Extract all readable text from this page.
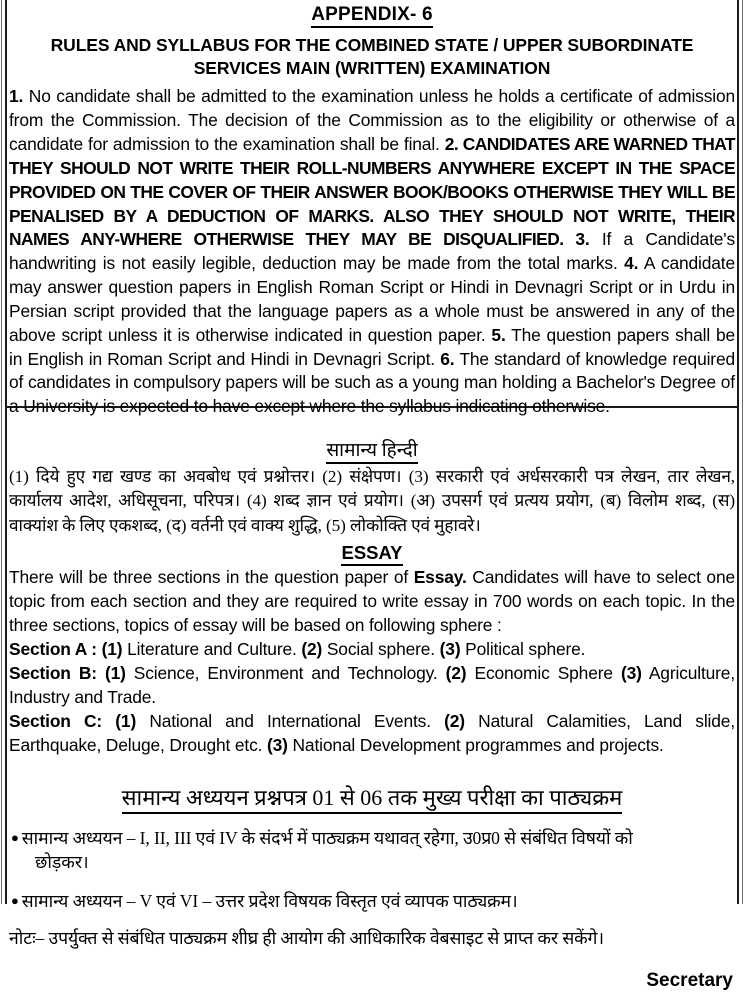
APPENDIX- 6
RULES AND SYLLABUS FOR THE COMBINED STATE / UPPER SUBORDINATE
SERVICES MAIN (WRITTEN) EXAMINATION
1. No candidate shall be admitted to the examination unless he holds a certificate of admission from the Commission. The decision of the Commission as to the eligibility or otherwise of a candidate for admission to the examination shall be final. 2. CANDIDATES ARE WARNED THAT THEY SHOULD NOT WRITE THEIR ROLL-NUMBERS ANYWHERE EXCEPT IN THE SPACE PROVIDED ON THE COVER OF THEIR ANSWER BOOK/BOOKS OTHERWISE THEY WILL BE PENALISED BY A DEDUCTION OF MARKS. ALSO THEY SHOULD NOT WRITE, THEIR NAMES ANY-WHERE OTHERWISE THEY MAY BE DISQUALIFIED. 3. If a Candidate's handwriting is not easily legible, deduction may be made from the total marks. 4. A candidate may answer question papers in English Roman Script or Hindi in Devnagri Script or in Urdu in Persian script provided that the language papers as a whole must be answered in any of the above script unless it is otherwise indicated in question paper. 5. The question papers shall be in English in Roman Script and Hindi in Devnagri Script. 6. The standard of knowledge required of candidates in compulsory papers will be such as a young man holding a Bachelor's Degree of a University is expected to have except where the syllabus indicating otherwise.
सामान्य हिन्दी
(1) दिये हुए गद्य खण्ड का अवबोध एवं प्रश्नोत्तर। (2) संक्षेपण। (3) सरकारी एवं अर्धसरकारी पत्र लेखन, तार लेखन, कार्यालय आदेश, अधिसूचना, परिपत्र। (4) शब्द ज्ञान एवं प्रयोग। (अ) उपसर्ग एवं प्रत्यय प्रयोग, (ब) विलोम शब्द, (स) वाक्यांश के लिए एकशब्द, (द) वर्तनी एवं वाक्य शुद्धि, (5) लोकोक्ति एवं मुहावरे।
ESSAY
There will be three sections in the question paper of Essay. Candidates will have to select one topic from each section and they are required to write essay in 700 words on each topic. In the three sections, topics of essay will be based on following sphere :
Section A : (1) Literature and Culture. (2) Social sphere. (3) Political sphere.
Section B: (1) Science, Environment and Technology. (2) Economic Sphere (3) Agriculture, Industry and Trade.
Section C: (1) National and International Events. (2) Natural Calamities, Land slide, Earthquake, Deluge, Drought etc. (3) National Development programmes and projects.
सामान्य अध्ययन प्रश्नपत्र 01 से 06 तक मुख्य परीक्षा का पाठ्यक्रम
● सामान्य अध्ययन – I, II, III एवं IV के संदर्भ में पाठ्यक्रम यथावत् रहेगा, उ0प्र0 से संबंधित विषयों को
छोड़कर।
● सामान्य अध्ययन – V एवं VI – उत्तर प्रदेश विषयक विस्तृत एवं व्यापक पाठ्यक्रम।
नोटः– उपर्युक्त से संबंधित पाठ्यक्रम शीघ्र ही आयोग की आधिकारिक वेबसाइट से प्राप्त कर सकेंगे।
Secretary
